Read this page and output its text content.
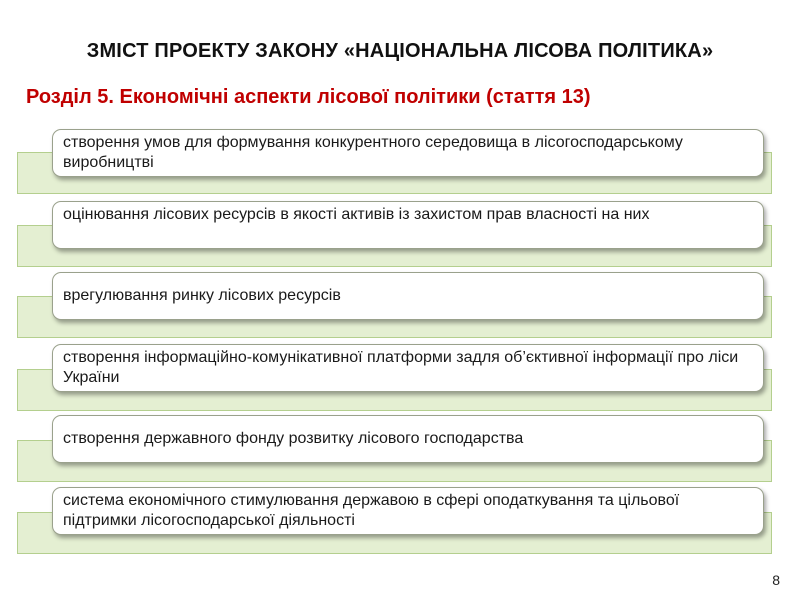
ЗМІСТ ПРОЕКТУ ЗАКОНУ «НАЦІОНАЛЬНА ЛІСОВА ПОЛІТИКА»
Розділ 5. Економічні аспекти лісової політики (стаття 13)
створення умов для формування конкурентного середовища в лісогосподарському виробництві
оцінювання лісових ресурсів в якості активів із захистом прав власності на них
врегулювання ринку лісових ресурсів
створення інформаційно-комунікативної платформи задля об’єктивної інформації про ліси України
створення державного фонду розвитку лісового господарства
система економічного стимулювання державою в сфері оподаткування та цільової підтримки лісогосподарської діяльності
8
